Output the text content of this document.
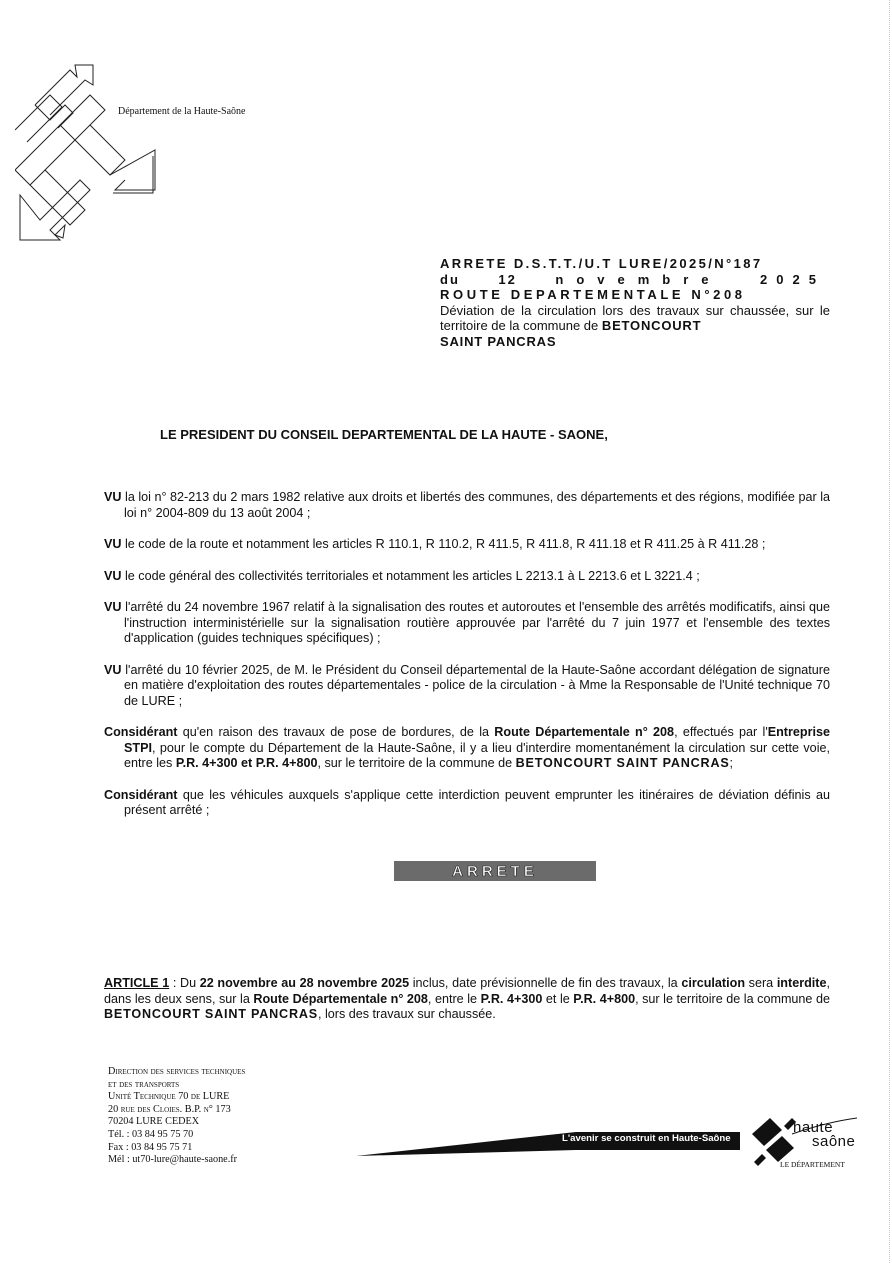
Département de la Haute-Saône
ARRETE D.S.T.T./U.T LURE/2025/N°187
du	12	novembre	2025
ROUTE DEPARTEMENTALE N°208
Déviation de la circulation lors des travaux sur chaussée, sur le territoire de la commune de BETONCOURT
SAINT PANCRAS
LE PRESIDENT DU CONSEIL DEPARTEMENTAL DE LA HAUTE - SAONE,
VU la loi n° 82-213 du 2 mars 1982 relative aux droits et libertés des communes, des départements et des régions, modifiée par la loi n° 2004-809 du 13 août 2004 ;
VU le code de la route et notamment les articles R 110.1, R 110.2, R 411.5, R 411.8, R 411.18 et R 411.25 à R 411.28 ;
VU le code général des collectivités territoriales et notamment les articles L 2213.1 à L 2213.6 et L 3221.4 ;
VU l'arrêté du 24 novembre 1967 relatif à la signalisation des routes et autoroutes et l'ensemble des arrêtés modificatifs, ainsi que l'instruction interministérielle sur la signalisation routière approuvée par l'arrêté du 7 juin 1977 et l'ensemble des textes d'application (guides techniques spécifiques) ;
VU l'arrêté du 10 février 2025, de M. le Président du Conseil départemental de la Haute-Saône accordant délégation de signature en matière d'exploitation des routes départementales - police de la circulation - à Mme la Responsable de l'Unité technique 70 de LURE ;
Considérant qu'en raison des travaux de pose de bordures, de la Route Départementale n° 208, effectués par l'Entreprise STPI, pour le compte du Département de la Haute-Saône, il y a lieu d'interdire momentanément la circulation sur cette voie, entre les P.R. 4+300 et P.R. 4+800, sur le territoire de la commune de BETONCOURT SAINT PANCRAS;
Considérant que les véhicules auxquels s'applique cette interdiction peuvent emprunter les itinéraires de déviation définis au présent arrêté ;
ARRETE
ARTICLE 1 : Du 22 novembre au 28 novembre 2025 inclus, date prévisionnelle de fin des travaux, la circulation sera interdite, dans les deux sens, sur la Route Départementale n° 208, entre le P.R. 4+300 et le P.R. 4+800, sur le territoire de la commune de BETONCOURT SAINT PANCRAS, lors des travaux sur chaussée.
Direction des services techniques
et des transports
Unité Technique 70 de LURE
20 rue des Cloies. B.P. n° 173
70204 LURE CEDEX
Tél. : 03 84 95 75 70
Fax : 03 84 95 75 71
Mél : ut70-lure@haute-saone.fr
L'avenir se construit en Haute-Saône
haute
saône
LE DÉPARTEMENT
